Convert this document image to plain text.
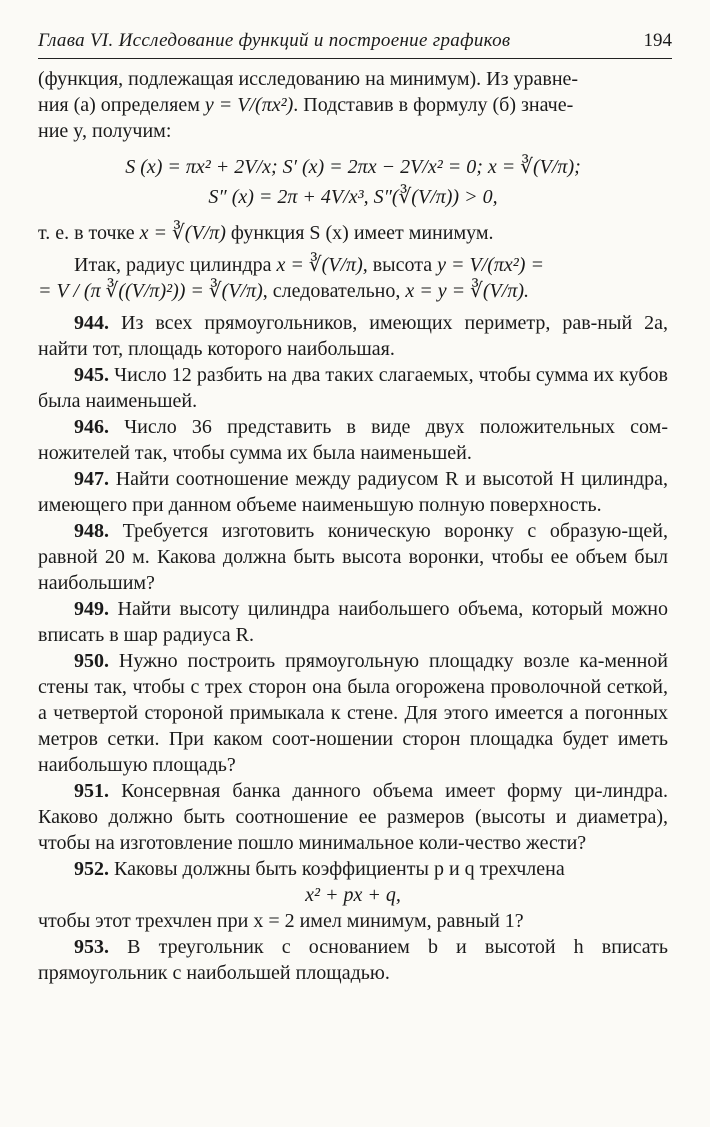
Глава VI. Исследование функций и построение графиков	194

(функция, подлежащая исследованию на минимум). Из уравне-

ния (а) определяем y = V/(πx²). Подставив в формулу (б) значе-

ние y, получим:

S (x) = πx² + 2V/x; S′ (x) = 2πx − 2V/x² = 0; x = ∛(V/π);
S″ (x) = 2π + 4V/x³, S″(∛(V/π)) > 0,

т. е. в точке x = ∛(V/π) функция S (x) имеет минимум.

Итак, радиус цилиндра x = ∛(V/π), высота y = V/(πx²) =

= V / (π ∛((V/π)²)) = ∛(V/π), следовательно, x = y = ∛(V/π).

944. Из всех прямоугольников, имеющих периметр, рав-ный 2a, найти тот, площадь которого наибольшая.

945. Число 12 разбить на два таких слагаемых, чтобы сумма их кубов была наименьшей.

946. Число 36 представить в виде двух положительных сом-ножителей так, чтобы сумма их была наименьшей.

947. Найти соотношение между радиусом R и высотой H цилиндра, имеющего при данном объеме наименьшую полную поверхность.

948. Требуется изготовить коническую воронку с образую-щей, равной 20 м. Какова должна быть высота воронки, чтобы ее объем был наибольшим?

949. Найти высоту цилиндра наибольшего объема, который можно вписать в шар радиуса R.

950. Нужно построить прямоугольную площадку возле ка-менной стены так, чтобы с трех сторон она была огорожена проволочной сеткой, а четвертой стороной примыкала к стене. Для этого имеется a погонных метров сетки. При каком соот-ношении сторон площадка будет иметь наибольшую площадь?

951. Консервная банка данного объема имеет форму ци-линдра. Каково должно быть соотношение ее размеров (высоты и диаметра), чтобы на изготовление пошло минимальное коли-чество жести?

952. Каковы должны быть коэффициенты p и q трехчлена

x² + px + q,

чтобы этот трехчлен при x = 2 имел минимум, равный 1?

953. В треугольник с основанием b и высотой h вписать прямоугольник с наибольшей площадью.
